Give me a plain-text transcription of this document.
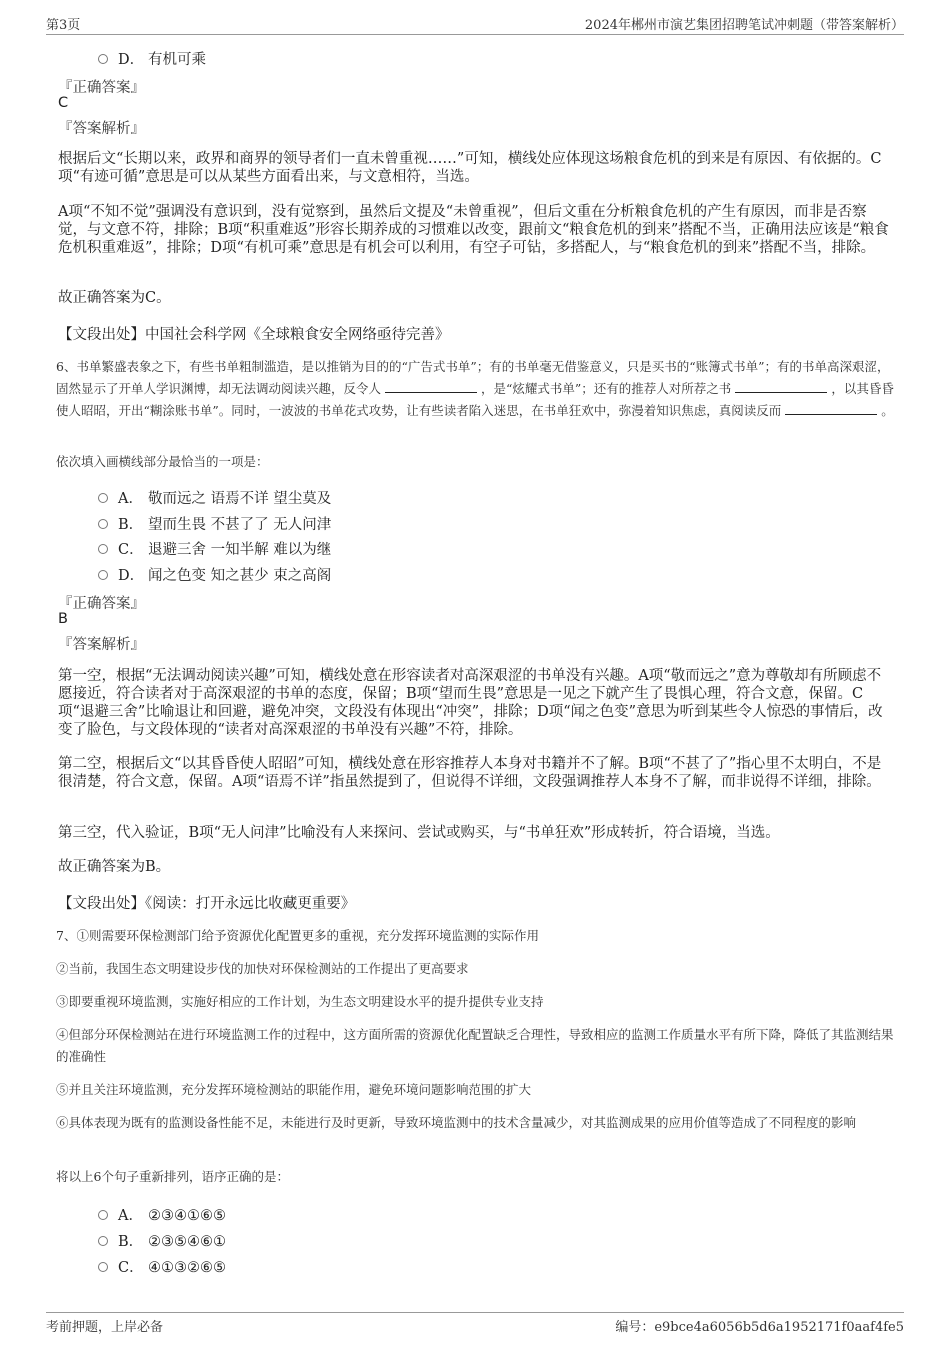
第3页	2024年郴州市演艺集团招聘笔试冲刺题（带答案解析）
D． 有机可乘
『正确答案』
C
『答案解析』
根据后文“长期以来，政界和商界的领导者们一直未曾重视……”可知，横线处应体现这场粮食危机的到来是有原因、有依据的。C项“有迹可循”意思是可以从某些方面看出来，与文意相符，当选。
A项“不知不觉”强调没有意识到，没有觉察到，虽然后文提及“未曾重视”，但后文重在分析粮食危机的产生有原因，而非是否察觉，与文意不符，排除；B项“积重难返”形容长期养成的习惯难以改变，跟前文“粮食危机的到来”搭配不当，正确用法应该是“粮食危机积重难返”，排除；D项“有机可乘”意思是有机会可以利用，有空子可钻，多搭配人，与“粮食危机的到来”搭配不当，排除。
故正确答案为C。
【文段出处】中国社会科学网《全球粮食安全网络亟待完善》
6、书单繁盛表象之下，有些书单粗制滥造，是以推销为目的的“广告式书单”；有的书单毫无借鉴意义，只是买书的“账簿式书单”；有的书单高深艰涩，固然显示了开单人学识渊博，却无法调动阅读兴趣，反令人	，是“炫耀式书单”；还有的推荐人对所荐之书	，以其昏昏使人昭昭，开出“糊涂账书单”。同时，一波波的书单花式攻势，让有些读者陷入迷思，在书单狂欢中，弥漫着知识焦虑，真阅读反而	。
依次填入画横线部分最恰当的一项是：
A． 敬而远之 语焉不详 望尘莫及
B． 望而生畏 不甚了了 无人问津
C． 退避三舍 一知半解 难以为继
D． 闻之色变 知之甚少 束之高阁
『正确答案』
B
『答案解析』
第一空，根据“无法调动阅读兴趣”可知，横线处意在形容读者对高深艰涩的书单没有兴趣。A项“敬而远之”意为尊敬却有所顾虑不愿接近，符合读者对于高深艰涩的书单的态度，保留；B项“望而生畏”意思是一见之下就产生了畏惧心理，符合文意，保留。C项“退避三舍”比喻退让和回避，避免冲突，文段没有体现出“冲突”，排除；D项“闻之色变”意思为听到某些令人惊恐的事情后，改变了脸色，与文段体现的“读者对高深艰涩的书单没有兴趣”不符，排除。
第二空，根据后文“以其昏昏使人昭昭”可知，横线处意在形容推荐人本身对书籍并不了解。B项“不甚了了”指心里不太明白，不是很清楚，符合文意，保留。A项“语焉不详”指虽然提到了，但说得不详细，文段强调推荐人本身不了解，而非说得不详细，排除。
第三空，代入验证，B项“无人问津”比喻没有人来探问、尝试或购买，与“书单狂欢”形成转折，符合语境，当选。
故正确答案为B。
【文段出处】《阅读：打开永远比收藏更重要》
7、①则需要环保检测部门给予资源优化配置更多的重视，充分发挥环境监测的实际作用
②当前，我国生态文明建设步伐的加快对环保检测站的工作提出了更高要求
③即要重视环境监测，实施好相应的工作计划，为生态文明建设水平的提升提供专业支持
④但部分环保检测站在进行环境监测工作的过程中，这方面所需的资源优化配置缺乏合理性，导致相应的监测工作质量水平有所下降，降低了其监测结果的准确性
⑤并且关注环境监测，充分发挥环境检测站的职能作用，避免环境问题影响范围的扩大
⑥具体表现为既有的监测设备性能不足，未能进行及时更新，导致环境监测中的技术含量减少，对其监测成果的应用价值等造成了不同程度的影响
将以上6个句子重新排列，语序正确的是：
A． ②③④①⑥⑤
B． ②③⑤④⑥①
C． ④①③②⑥⑤
考前押题，上岸必备	编号：e9bce4a6056b5d6a1952171f0aaf4fe5
